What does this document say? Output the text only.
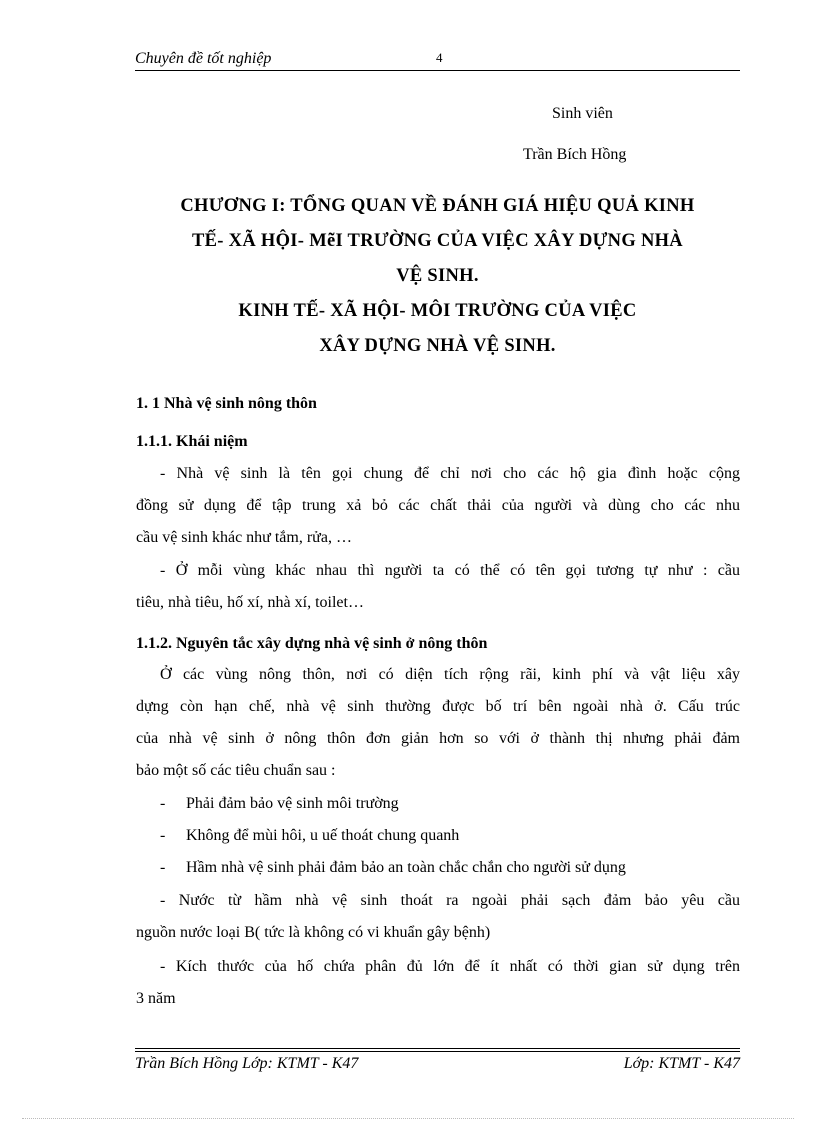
Chuyên đề tốt nghiệp	4
Sinh viên
Trần Bích Hồng
CHƯƠNG I: TỔNG QUAN VỀ ĐÁNH GIÁ HIỆU QUẢ KINH
TẾ- XÃ HỘI- MẽI TRƯỜNG CỦA VIỆC XÂY DỰNG NHÀ
VỆ SINH.
KINH TẾ- XÃ HỘI- MÔI TRƯỜNG CỦA VIỆC
XÂY DỰNG NHÀ VỆ SINH.
1. 1 Nhà vệ sinh nông thôn
1.1.1. Khái niệm
- Nhà vệ sinh là tên gọi chung để chỉ nơi cho các hộ gia đình hoặc cộng
đồng sử dụng để tập trung xả bỏ các chất thải của người và dùng cho các nhu
cầu vệ sinh khác như tắm, rửa, …
- Ở mỗi vùng khác nhau thì người ta có thể có tên gọi tương tự như : cầu
tiêu, nhà tiêu, hố xí, nhà xí, toilet…
1.1.2. Nguyên tắc xây dựng nhà vệ sinh ở nông thôn
Ở các vùng nông thôn, nơi có diện tích rộng rãi, kinh phí và vật liệu xây
dựng còn hạn chế, nhà vệ sinh thường được bố trí bên ngoài nhà ở. Cấu trúc
của nhà vệ sinh ở nông thôn đơn giản hơn so với ở thành thị nhưng phải đảm
bảo một số các tiêu chuẩn sau :
- Phải đảm bảo vệ sinh môi trường
- Không để mùi hôi, u uế thoát chung quanh
- Hầm nhà vệ sinh phải đảm bảo an toàn chắc chắn cho người sử dụng
- Nước từ hầm nhà vệ sinh thoát ra ngoài phải sạch đảm bảo yêu cầu
nguồn nước loại B( tức là không có vi khuẩn gây bệnh)
- Kích thước của hố chứa phân đủ lớn để ít nhất có thời gian sử dụng trên
3 năm
Trần Bích Hồng Lớp: KTMT - K47	Lớp: KTMT - K47
